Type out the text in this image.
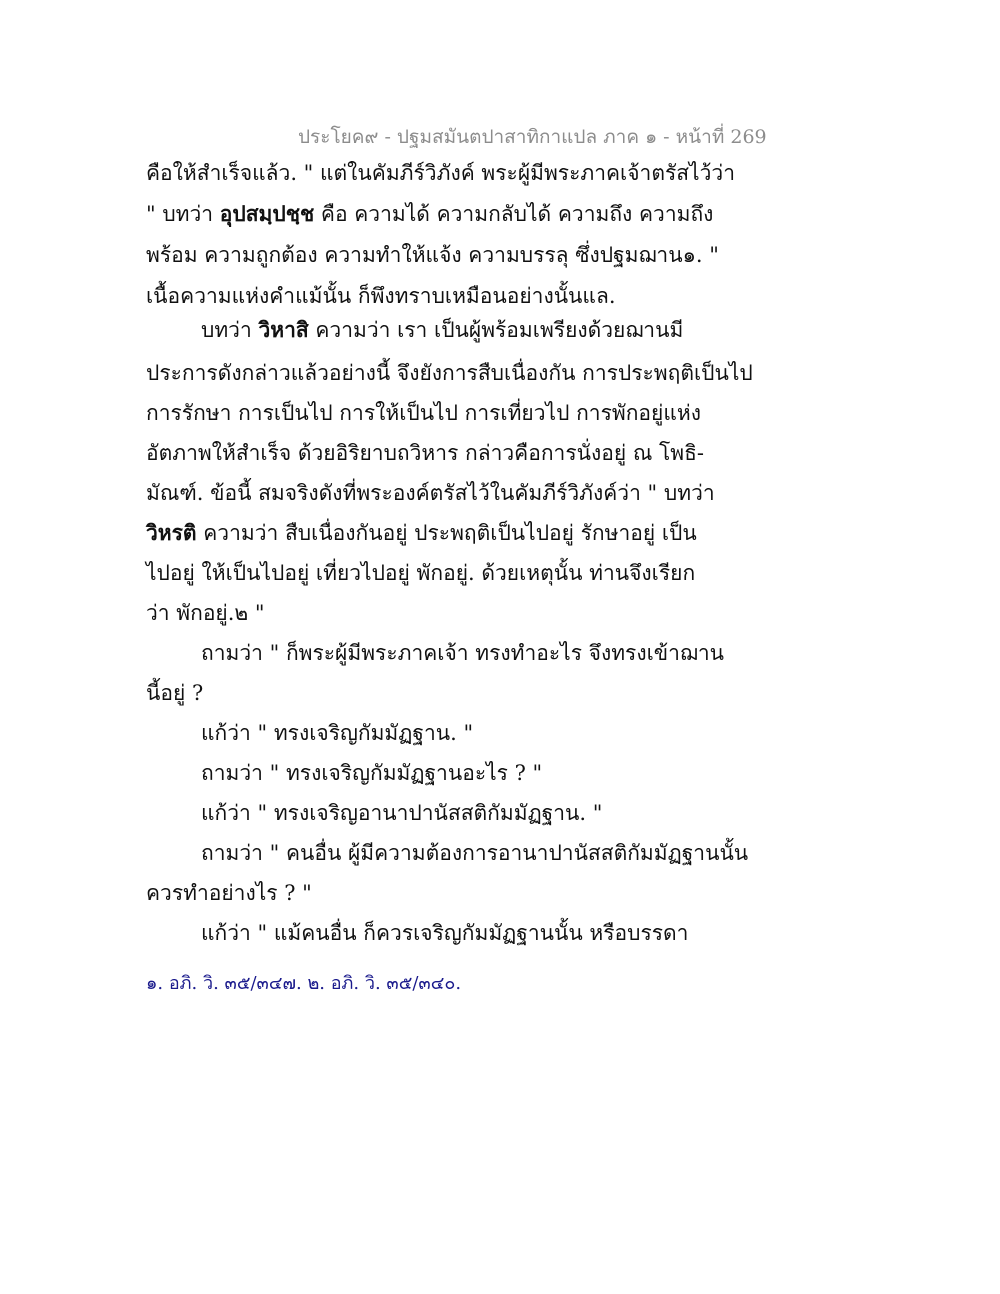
ประโยค๙ - ปฐมสมันตปาสาทิกาแปล ภาค ๑ - หน้าที่ 269
คือให้สำเร็จแล้ว. " แต่ในคัมภีร์วิภังค์ พระผู้มีพระภาคเจ้าตรัสไว้ว่า
" บทว่า อุปสมฺปชฺช คือ ความได้ ความกลับได้ ความถึง ความถึง
พร้อม ความถูกต้อง ความทำให้แจ้ง ความบรรลุ ซึ่งปฐมฌาน๑. "
เนื้อความแห่งคำแม้นั้น ก็พึงทราบเหมือนอย่างนั้นแล.
บทว่า วิหาสิ ความว่า เรา เป็นผู้พร้อมเพรียงด้วยฌานมี
ประการดังกล่าวแล้วอย่างนี้ จึงยังการสืบเนื่องกัน การประพฤติเป็นไป
การรักษา การเป็นไป การให้เป็นไป การเที่ยวไป การพักอยู่แห่ง
อัตภาพให้สำเร็จ ด้วยอิริยาบถวิหาร กล่าวคือการนั่งอยู่ ณ โพธิ-
มัณฑ์. ข้อนี้ สมจริงดังที่พระองค์ตรัสไว้ในคัมภีร์วิภังค์ว่า " บทว่า
วิหรติ ความว่า สืบเนื่องกันอยู่ ประพฤติเป็นไปอยู่ รักษาอยู่ เป็น
ไปอยู่ ให้เป็นไปอยู่ เที่ยวไปอยู่ พักอยู่. ด้วยเหตุนั้น ท่านจึงเรียก
ว่า พักอยู่.๒ "
ถามว่า " ก็พระผู้มีพระภาคเจ้า ทรงทำอะไร จึงทรงเข้าฌาน
นี้อยู่ ?
แก้ว่า " ทรงเจริญกัมมัฏฐาน. "
ถามว่า " ทรงเจริญกัมมัฏฐานอะไร ? "
แก้ว่า " ทรงเจริญอานาปานัสสติกัมมัฏฐาน. "
ถามว่า " คนอื่น ผู้มีความต้องการอานาปานัสสติกัมมัฏฐานนั้น
ควรทำอย่างไร ? "
แก้ว่า " แม้คนอื่น ก็ควรเจริญกัมมัฏฐานนั้น หรือบรรดา
๑. อภิ. วิ. ๓๕/๓๔๗. ๒. อภิ. วิ. ๓๕/๓๔๐.
